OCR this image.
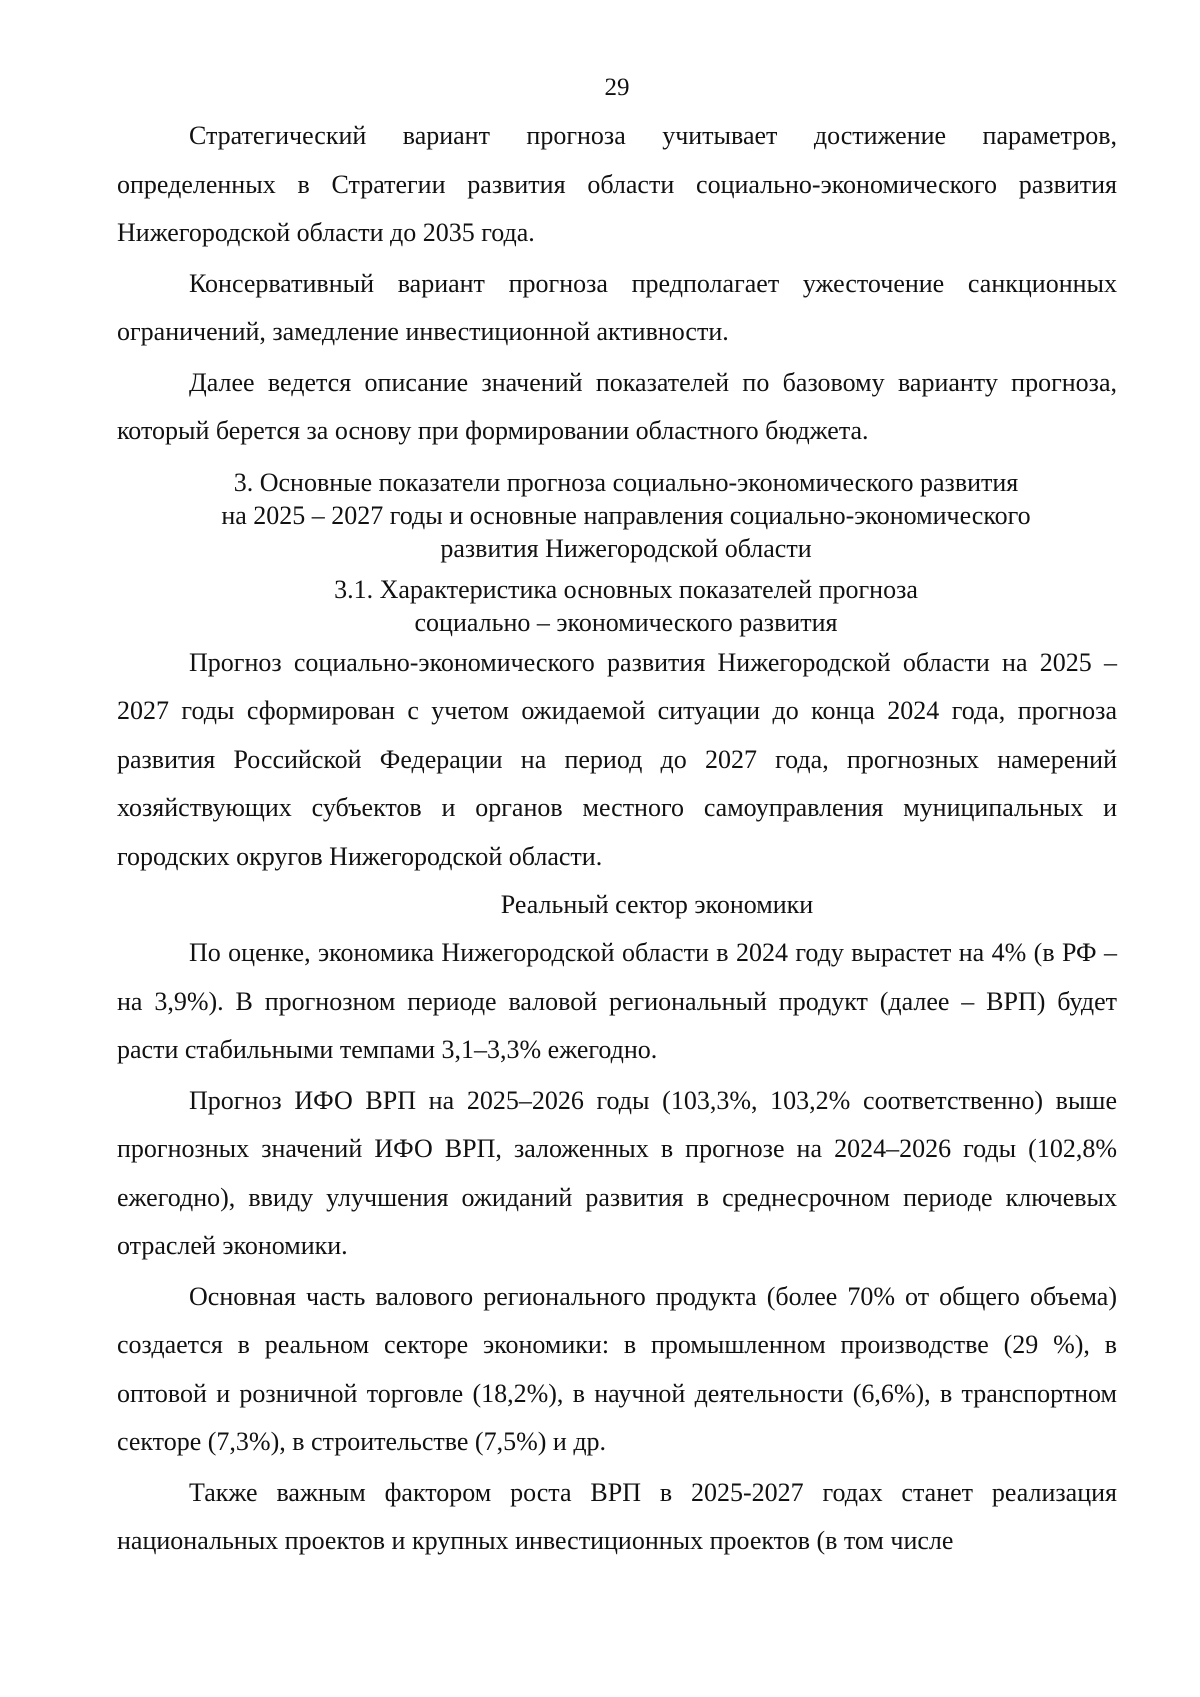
29

Стратегический вариант прогноза учитывает достижение параметров, определенных в Стратегии развития области социально-экономического развития Нижегородской области до 2035 года.

Консервативный вариант прогноза предполагает ужесточение санкционных ограничений, замедление инвестиционной активности.

Далее ведется описание значений показателей по базовому варианту прогноза, который берется за основу при формировании областного бюджета.

3. Основные показатели прогноза социально-экономического развития
на 2025 – 2027 годы и основные направления социально-экономического
развития Нижегородской области
3.1. Характеристика основных показателей прогноза
социально – экономического развития

Прогноз социально-экономического развития Нижегородской области на 2025 – 2027 годы сформирован с учетом ожидаемой ситуации до конца 2024 года, прогноза развития Российской Федерации на период до 2027 года, прогнозных намерений хозяйствующих субъектов и органов местного самоуправления муниципальных и городских округов Нижегородской области.

Реальный сектор экономики

По оценке, экономика Нижегородской области в 2024 году вырастет на 4% (в РФ – на 3,9%). В прогнозном периоде валовой региональный продукт (далее – ВРП) будет расти стабильными темпами 3,1–3,3% ежегодно.

Прогноз ИФО ВРП на 2025–2026 годы (103,3%, 103,2% соответственно) выше прогнозных значений ИФО ВРП, заложенных в прогнозе на 2024–2026 годы (102,8% ежегодно), ввиду улучшения ожиданий развития в среднесрочном периоде ключевых отраслей экономики.

Основная часть валового регионального продукта (более 70% от общего объема) создается в реальном секторе экономики: в промышленном производстве (29 %), в оптовой и розничной торговле (18,2%), в научной деятельности (6,6%), в транспортном секторе (7,3%), в строительстве (7,5%) и др.

Также важным фактором роста ВРП в 2025-2027 годах станет реализация национальных проектов и крупных инвестиционных проектов (в том числе
